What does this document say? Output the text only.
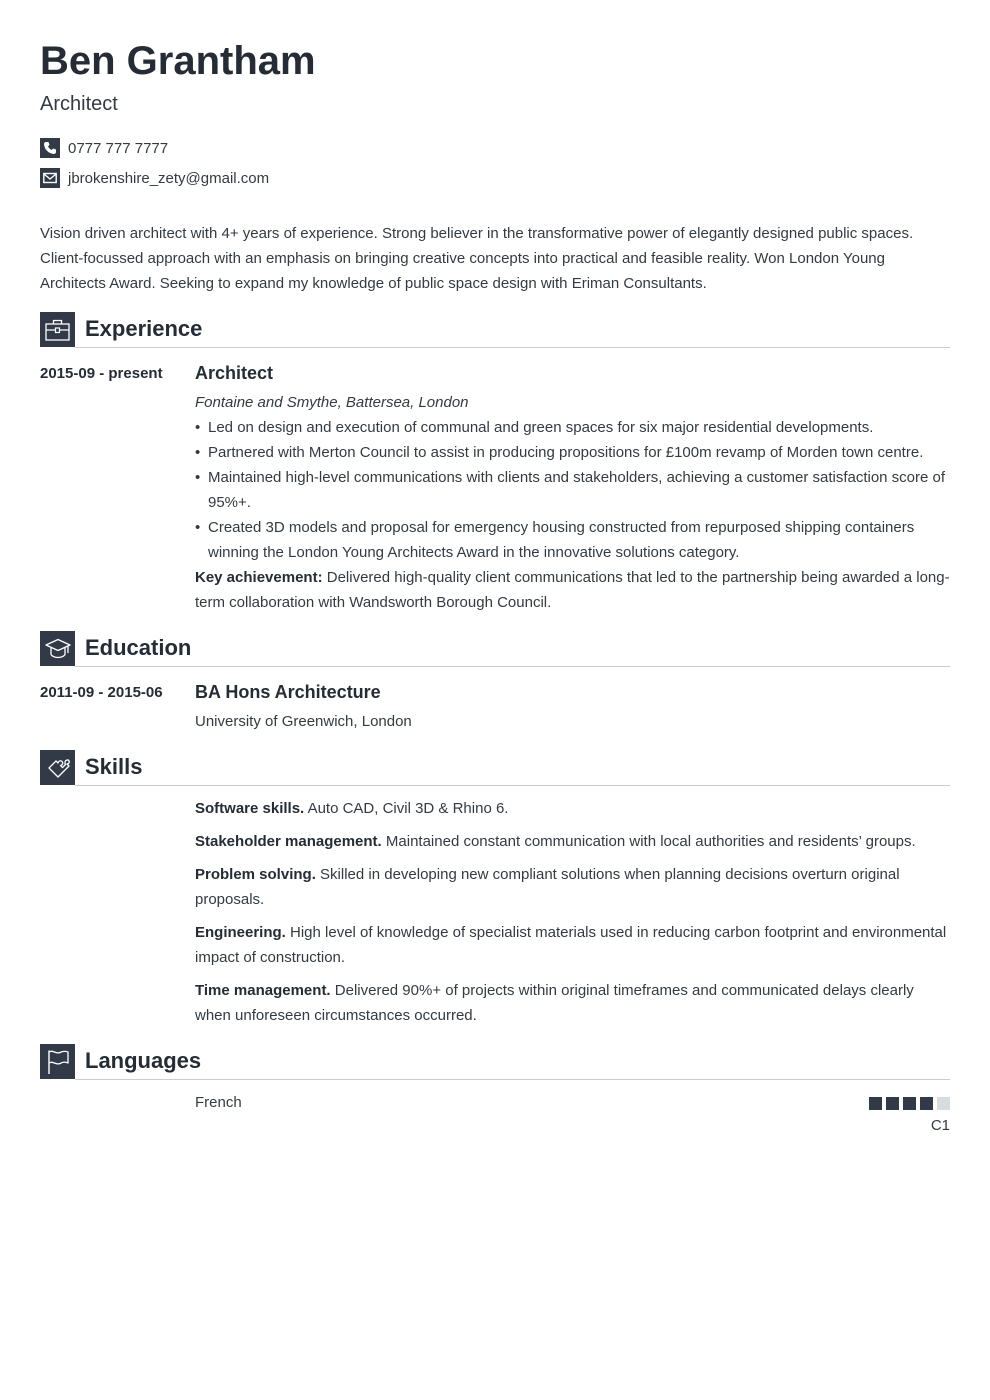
Ben Grantham
Architect
0777 777 7777
jbrokenshire_zety@gmail.com
Vision driven architect with 4+ years of experience. Strong believer in the transformative power of elegantly designed public spaces. Client-focussed approach with an emphasis on bringing creative concepts into practical and feasible reality. Won London Young Architects Award. Seeking to expand my knowledge of public space design with Eriman Consultants.
Experience
2015-09 - present Architect
Fontaine and Smythe, Battersea, London
• Led on design and execution of communal and green spaces for six major residential developments.
• Partnered with Merton Council to assist in producing propositions for £100m revamp of Morden town centre.
• Maintained high-level communications with clients and stakeholders, achieving a customer satisfaction score of 95%+.
• Created 3D models and proposal for emergency housing constructed from repurposed shipping containers winning the London Young Architects Award in the innovative solutions category.
Key achievement: Delivered high-quality client communications that led to the partnership being awarded a long-term collaboration with Wandsworth Borough Council.
Education
2011-09 - 2015-06 BA Hons Architecture
University of Greenwich, London
Skills
Software skills. Auto CAD, Civil 3D & Rhino 6.
Stakeholder management. Maintained constant communication with local authorities and residents’ groups.
Problem solving. Skilled in developing new compliant solutions when planning decisions overturn original proposals.
Engineering. High level of knowledge of specialist materials used in reducing carbon footprint and environmental impact of construction.
Time management. Delivered 90%+ of projects within original timeframes and communicated delays clearly when unforeseen circumstances occurred.
Languages
French
C1
